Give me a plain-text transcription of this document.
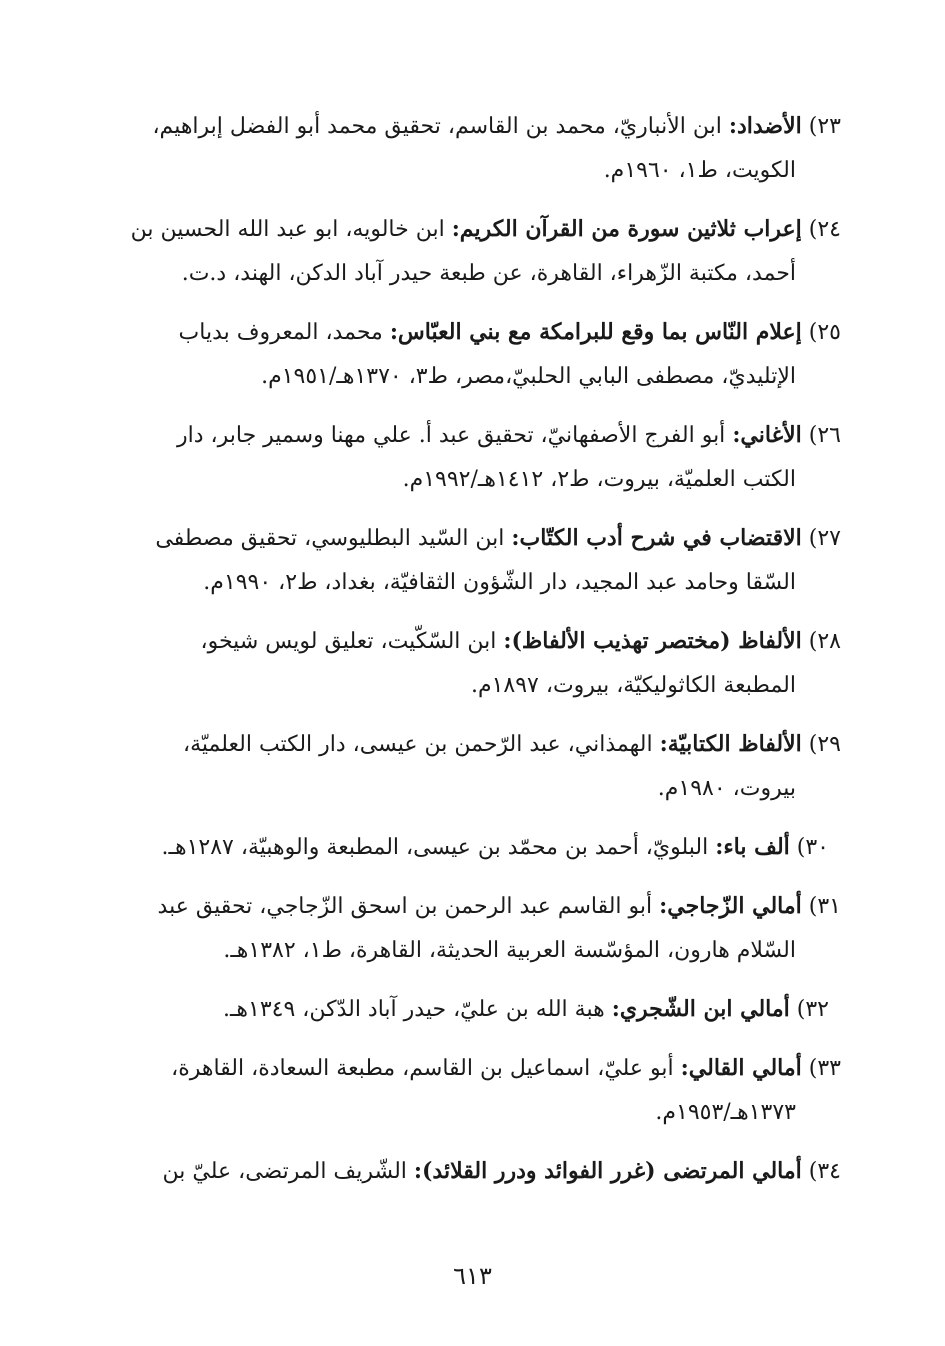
٢٣) الأضداد: ابن الأنباريّ، محمد بن القاسم، تحقيق محمد أبو الفضل إبراهيم،
الكويت، ط١، ١٩٦٠م.
٢٤) إعراب ثلاثين سورة من القرآن الكريم: ابن خالويه، ابو عبد الله الحسين بن
أحمد، مكتبة الزّهراء، القاهرة، عن طبعة حيدر آباد الدكن، الهند، د.ت.
٢٥) إعلام النّاس بما وقع للبرامكة مع بني العبّاس: محمد، المعروف بدياب
الإتليديّ، مصطفى البابي الحلبيّ،مصر، ط٣، ١٣٧٠هـ/١٩٥١م.
٢٦) الأغاني: أبو الفرج الأصفهانيّ، تحقيق عبد أ. علي مهنا وسمير جابر، دار
الكتب العلميّة، بيروت، ط٢، ١٤١٢هـ/١٩٩٢م.
٢٧) الاقتضاب في شرح أدب الكتّاب: ابن السّيد البطليوسي، تحقيق مصطفى
السّقا وحامد عبد المجيد، دار الشّؤون الثقافيّة، بغداد، ط٢، ١٩٩٠م.
٢٨) الألفاظ (مختصر تهذيب الألفاظ): ابن السّكّيت، تعليق لويس شيخو،
المطبعة الكاثوليكيّة، بيروت، ١٨٩٧م.
٢٩) الألفاظ الكتابيّة: الهمذاني، عبد الرّحمن بن عيسى، دار الكتب العلميّة،
بيروت، ١٩٨٠م.
٣٠) ألف باء: البلويّ، أحمد بن محمّد بن عيسى، المطبعة والوهبيّة، ١٢٨٧هـ.
٣١) أمالي الزّجاجي: أبو القاسم عبد الرحمن بن اسحق الزّجاجي، تحقيق عبد
السّلام هارون، المؤسّسة العربية الحديثة، القاهرة، ط١، ١٣٨٢هـ.
٣٢) أمالي ابن الشّجري: هبة الله بن عليّ، حيدر آباد الدّكن، ١٣٤٩هـ.
٣٣) أمالي القالي: أبو عليّ، اسماعيل بن القاسم، مطبعة السعادة، القاهرة،
١٣٧٣هـ/١٩٥٣م.
٣٤) أمالي المرتضى (غرر الفوائد ودرر القلائد): الشّريف المرتضى، عليّ بن
٦١٣
